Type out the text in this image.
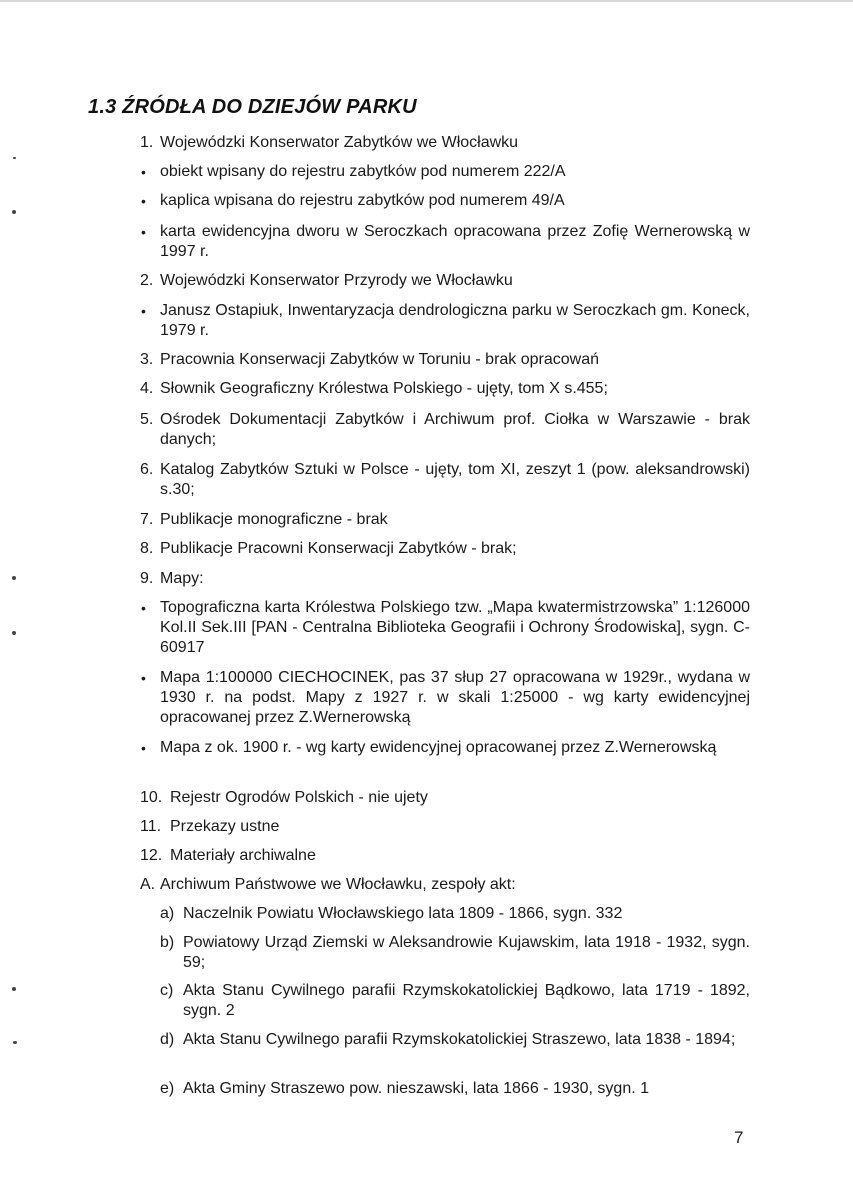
1.3 ŹRÓDŁA DO DZIEJÓW PARKU
1. Wojewódzki Konserwator Zabytków we Włocławku
• obiekt wpisany do rejestru zabytków pod numerem 222/A
• kaplica wpisana do rejestru zabytków pod numerem 49/A
• karta ewidencyjna dworu w Seroczkach opracowana przez Zofię Wernerowską w 1997 r.
2. Wojewódzki Konserwator Przyrody we Włocławku
• Janusz Ostapiuk, Inwentaryzacja dendrologiczna parku w Seroczkach gm. Koneck, 1979 r.
3. Pracownia Konserwacji Zabytków w Toruniu - brak opracowań
4. Słownik Geograficzny Królestwa Polskiego - ujęty, tom X s.455;
5. Ośrodek Dokumentacji Zabytków i Archiwum prof. Ciołka w Warszawie - brak danych;
6. Katalog Zabytków Sztuki w Polsce - ujęty, tom XI, zeszyt 1 (pow. aleksandrowski) s.30;
7. Publikacje monograficzne - brak
8. Publikacje Pracowni Konserwacji Zabytków - brak;
9. Mapy:
• Topograficzna karta Królestwa Polskiego tzw. „Mapa kwatermistrzowska” 1:126000 Kol.II Sek.III [PAN - Centralna Biblioteka Geografii i Ochrony Środowiska], sygn. C-60917
• Mapa 1:100000 CIECHOCINEK, pas 37 słup 27 opracowana w 1929r., wydana w 1930 r. na podst. Mapy z 1927 r. w skali 1:25000 - wg karty ewidencyjnej opracowanej przez Z.Wernerowską
• Mapa z ok. 1900 r. - wg karty ewidencyjnej opracowanej przez Z.Wernerowską
10. Rejestr Ogrodów Polskich - nie ujety
11. Przekazy ustne
12. Materiały archiwalne
A. Archiwum Państwowe we Włocławku, zespoły akt:
a) Naczelnik Powiatu Włocławskiego lata 1809 - 1866, sygn. 332
b) Powiatowy Urząd Ziemski w Aleksandrowie Kujawskim, lata 1918 - 1932, sygn. 59;
c) Akta Stanu Cywilnego parafii Rzymskokatolickiej Bądkowo, lata 1719 - 1892, sygn. 2
d) Akta Stanu Cywilnego parafii Rzymskokatolickiej Straszewo, lata 1838 - 1894;
e) Akta Gminy Straszewo pow. nieszawski, lata 1866 - 1930, sygn. 1
7
